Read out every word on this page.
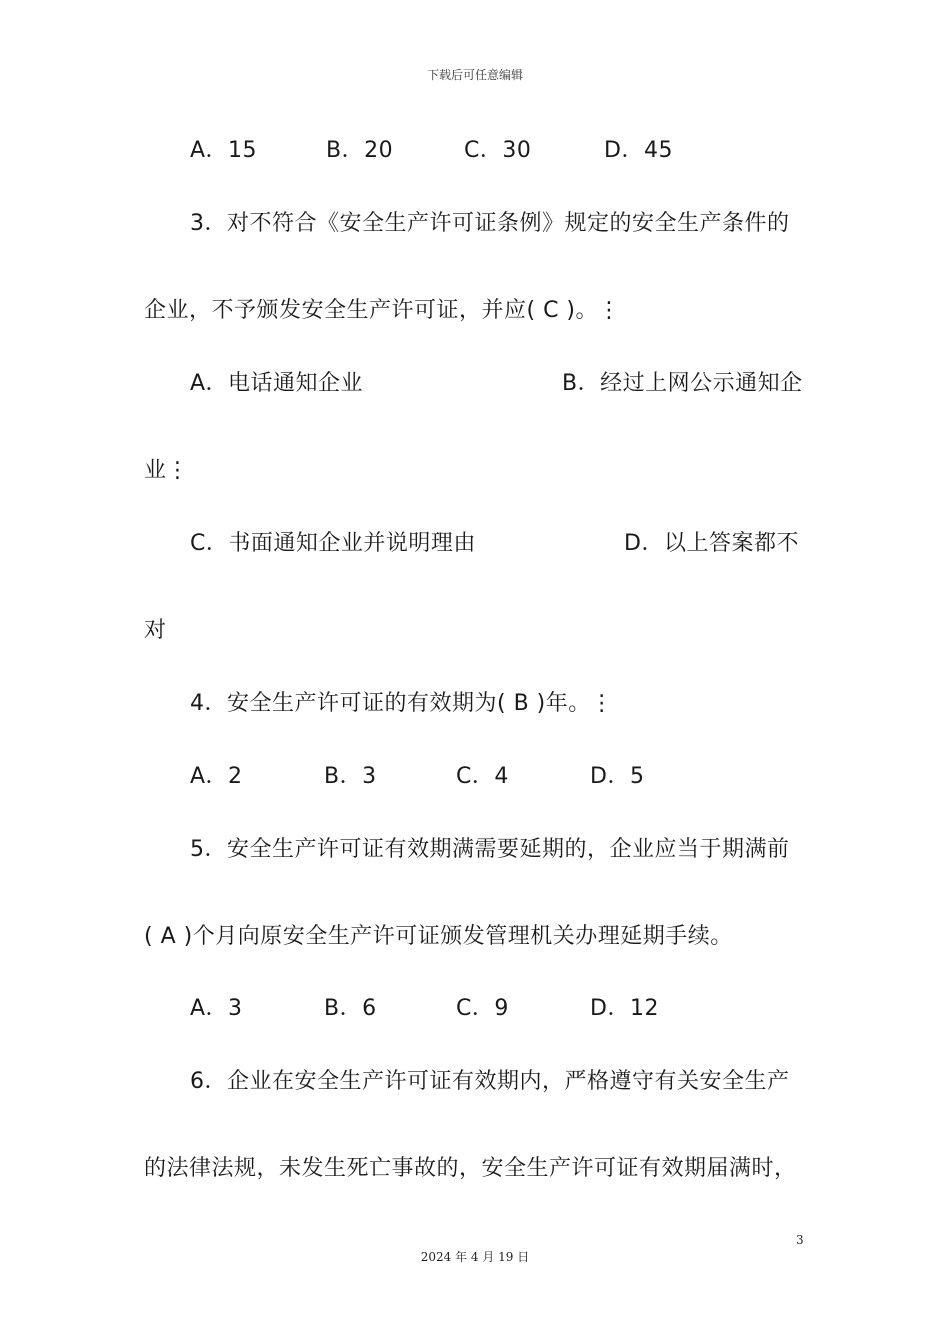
下载后可任意编辑
A．15	B．20	C．30	D．45
3．对不符合《安全生产许可证条例》规定的安全生产条件的
企业，不予颁发安全生产许可证，并应( C )。⋮
A．电话通知企业	B．经过上网公示通知企
业⋮
C．书面通知企业并说明理由	D．以上答案都不
对
4．安全生产许可证的有效期为( B )年。⋮
A．2	B．3	C．4	D．5
5．安全生产许可证有效期满需要延期的，企业应当于期满前
( A )个月向原安全生产许可证颁发管理机关办理延期手续。
A．3	B．6	C．9	D．12
6．企业在安全生产许可证有效期内，严格遵守有关安全生产
的法律法规，未发生死亡事故的，安全生产许可证有效期届满时，
3
2024 年 4 月 19 日
